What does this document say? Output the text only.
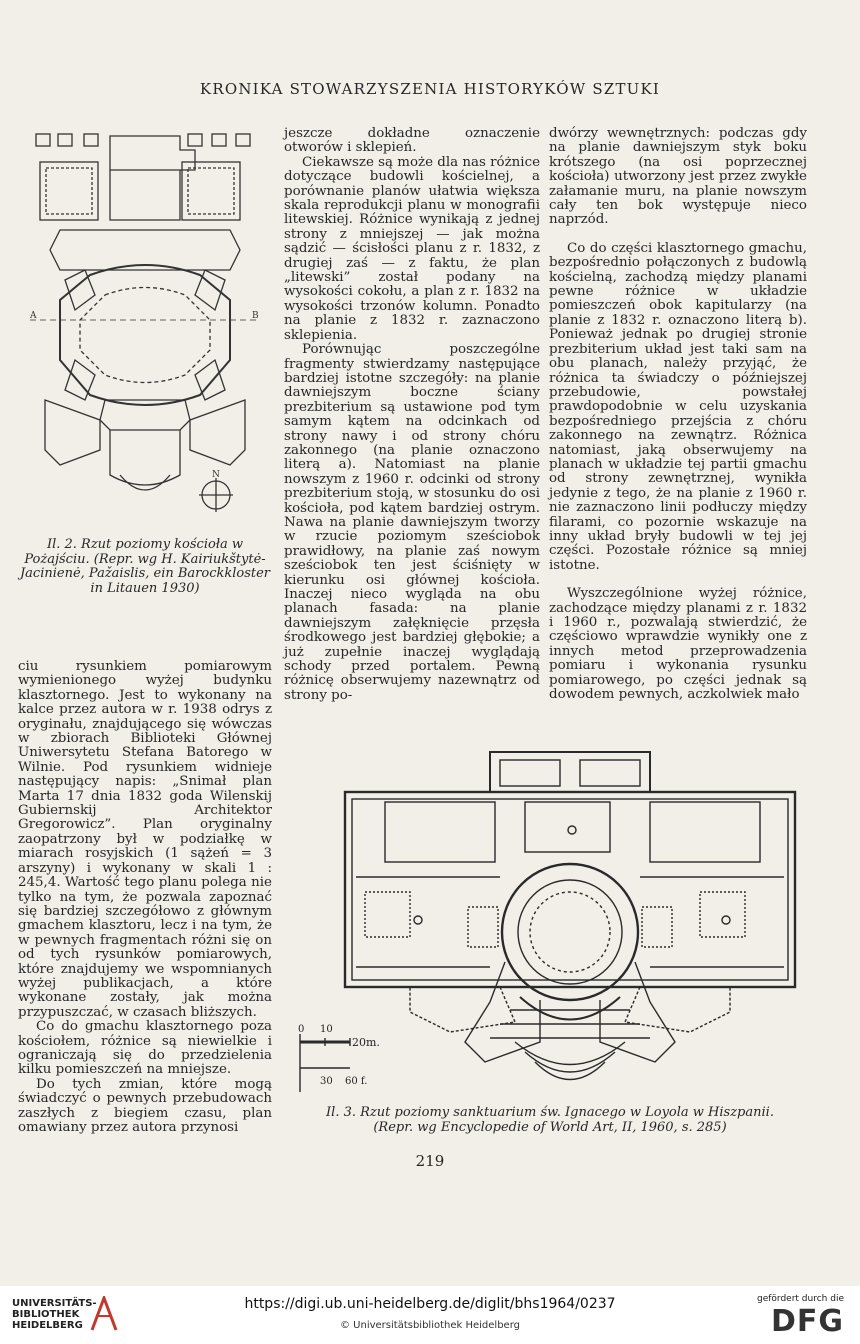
KRONIKA STOWARZYSZENIA HISTORYKÓW SZTUKI
N
A	B
Il. 2. Rzut poziomy kościoła w Pożajściu. (Repr. wg H. Kairiukštytė-Jacinienė, Pažaislis, ein Barockkloster in Litauen 1930)

ciu rysunkiem pomiarowym wymienionego wyżej budynku klasztornego. Jest to wykonany na kalce przez autora w r. 1938 odrys z oryginału, znajdującego się wówczas w zbiorach Biblioteki Głównej Uniwersytetu Stefana Batorego w Wilnie. Pod rysunkiem widnieje następujący napis: „Snimał plan Marta 17 dnia 1832 goda Wilenskij Gubiernskij Architektor Gregorowicz”. Plan oryginalny zaopatrzony był w podziałkę w miarach rosyjskich (1 sążeń = 3 arszyny) i wykonany w skali 1 : 245,4. Wartość tego planu polega nie tylko na tym, że pozwala zapoznać się bardziej szczegółowo z głównym gmachem klasztoru, lecz i na tym, że w pewnych fragmentach różni się on od tych rysunków pomiarowych, które znajdujemy we wspomnianych wyżej publikacjach, a które wykonane zostały, jak można przypuszczać, w czasach bliższych.

Co do gmachu klasztornego poza kościołem, różnice są niewielkie i ograniczają się do przedzielenia kilku pomieszczeń na mniejsze.

Do tych zmian, które mogą świadczyć o pewnych przebudowach zaszłych z biegiem czasu, plan omawiany przez autora przynosi

jeszcze dokładne oznaczenie otworów i sklepień.

Ciekawsze są może dla nas różnice dotyczące budowli kościelnej, a porównanie planów ułatwia większa skala reprodukcji planu w monografii litewskiej. Różnice wynikają z jednej strony z mniejszej — jak można sądzić — ścisłości planu z r. 1832, z drugiej zaś — z faktu, że plan „litewski” został podany na wysokości cokołu, a plan z r. 1832 na wysokości trzonów kolumn. Ponadto na planie z 1832 r. zaznaczono sklepienia.

Porównując poszczególne fragmenty stwierdzamy następujące bardziej istotne szczegóły: na planie dawniejszym boczne ściany prezbiterium są ustawione pod tym samym kątem na odcinkach od strony nawy i od strony chóru zakonnego (na planie oznaczono literą a). Natomiast na planie nowszym z 1960 r. odcinki od strony prezbiterium stoją, w stosunku do osi kościoła, pod kątem bardziej ostrym. Nawa na planie dawniejszym tworzy w rzucie poziomym sześciobok prawidłowy, na planie zaś nowym sześciobok ten jest ściśnięty w kierunku osi głównej kościoła. Inaczej nieco wygląda na obu planach fasada: na planie dawniejszym załęknięcie przęsła środkowego jest bardziej głębokie; a już zupełnie inaczej wyglądają schody przed portalem. Pewną różnicę obserwujemy nazewnątrz od strony po-

dwórzy wewnętrznych: podczas gdy na planie dawniejszym styk boku krótszego (na osi poprzecznej kościoła) utworzony jest przez zwykłe załamanie muru, na planie nowszym cały ten bok występuje nieco naprzód.

Co do części klasztornego gmachu, bezpośrednio połączonych z budowlą kościelną, zachodzą między planami pewne różnice w układzie pomieszczeń obok kapitularzy (na planie z 1832 r. oznaczono literą b). Ponieważ jednak po drugiej stronie prezbiterium układ jest taki sam na obu planach, należy przyjąć, że różnica ta świadczy o późniejszej przebudowie, powstałej prawdopodobnie w celu uzyskania bezpośredniego przejścia z chóru zakonnego na zewnątrz. Różnica natomiast, jaką obserwujemy na planach w układzie tej partii gmachu od strony zewnętrznej, wynikła jedynie z tego, że na planie z 1960 r. nie zaznaczono linii podłuczy między filarami, co pozornie wskazuje na inny układ bryły budowli w tej jej części. Pozostałe różnice są mniej istotne.

Wyszczególnione wyżej różnice, zachodzące między planami z r. 1832 i 1960 r., pozwalają stwierdzić, że częściowo wprawdzie wynikły one z innych metod przeprowadzenia pomiaru i wykonania rysunku pomiarowego, po części jednak są dowodem pewnych, aczkolwiek mało

0 10
20m.
30 60 f.
Il. 3. Rzut poziomy sanktuarium św. Ignacego w Loyola w Hiszpanii.
(Repr. wg Encyclopedie of World Art, II, 1960, s. 285)
219
UNIVERSITÄTS-
BIBLIOTHEK
HEIDELBERG
https://digi.ub.uni-heidelberg.de/diglit/bhs1964/0237
© Universitätsbibliothek Heidelberg
gefördert durch die
DFG
